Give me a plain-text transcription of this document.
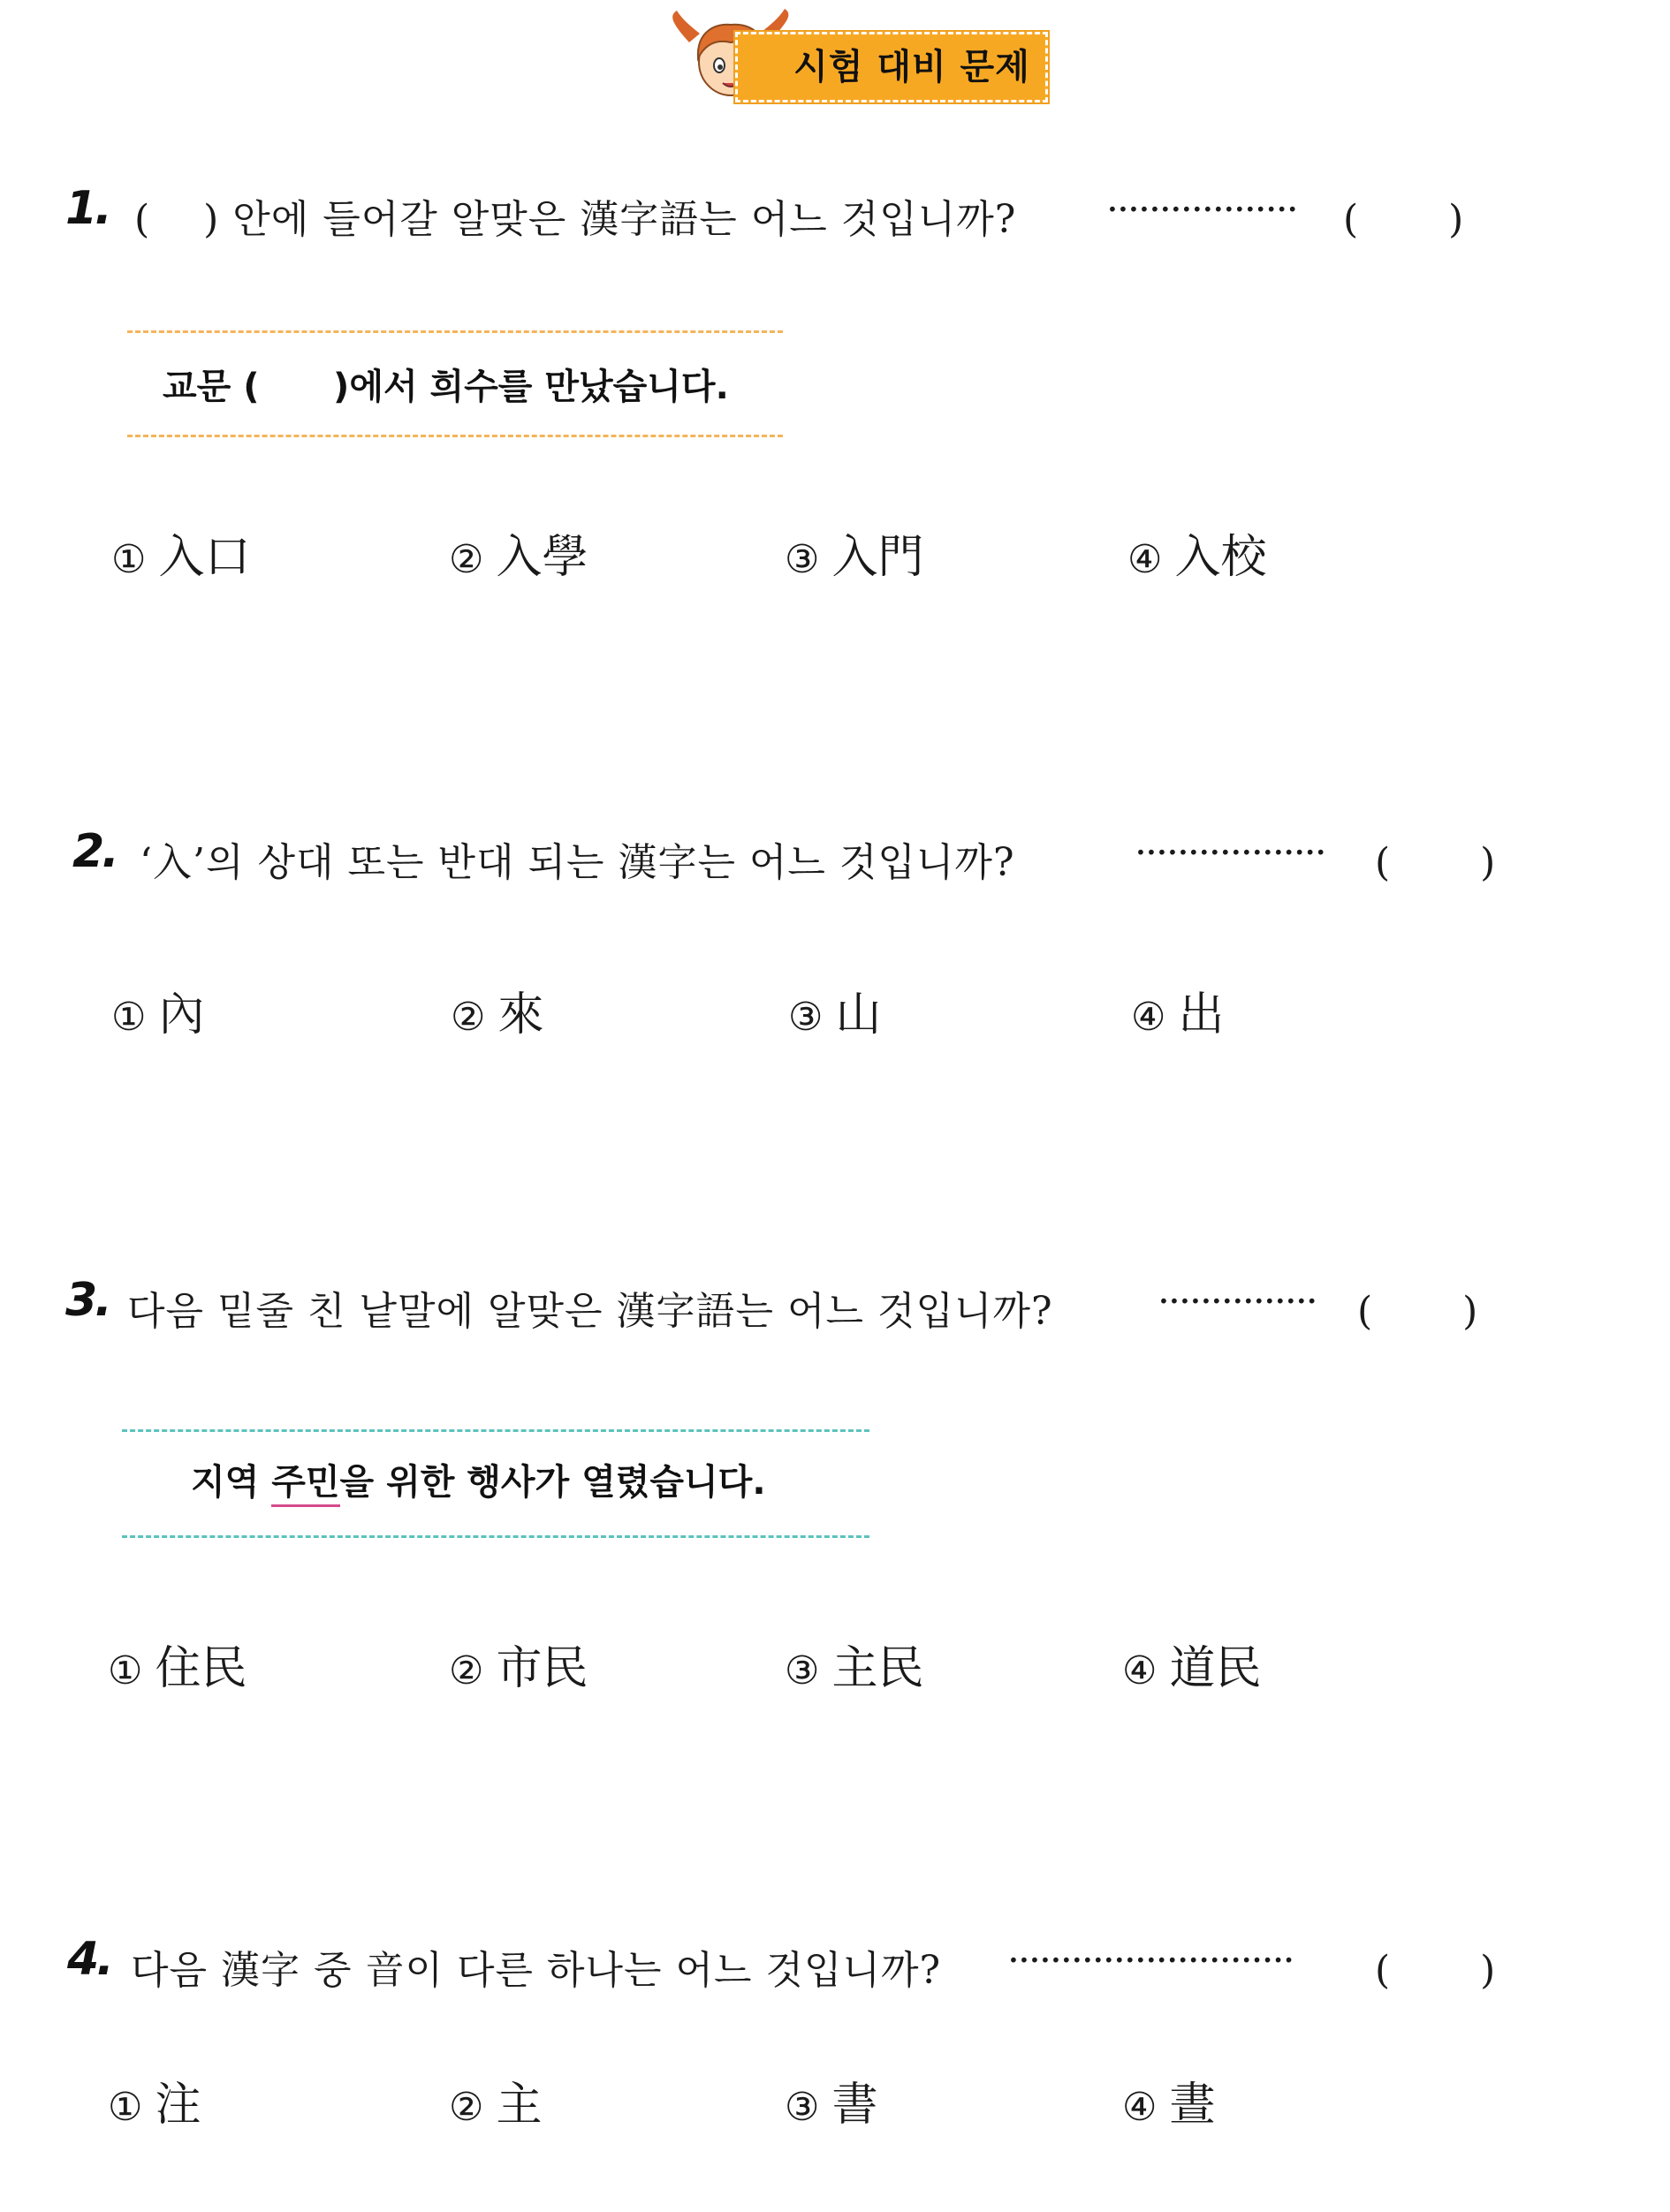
시험 대비 문제
1. (　 ) 안에 들어갈 알맞은 漢字語는 어느 것입니까? ·················· (　　 )
교문 (      )에서 희수를 만났습니다.
① 入口	② 入學	③ 入門	④ 入校
2. ‘入’의 상대 또는 반대 되는 漢字는 어느 것입니까?	·················· (　　 )
① 內	② 來	③ 山	④ 出
3. 다음 밑줄 친 낱말에 알맞은 漢字語는 어느 것입니까?	··············· (　　 )
지역 주민을 위한 행사가 열렸습니다.
① 住民	② 市民	③ 主民	④ 道民
4. 다음 漢字 중 音이 다른 하나는 어느 것입니까? ··························· (　　 )
① 注	② 主	③ 書	④ 晝
